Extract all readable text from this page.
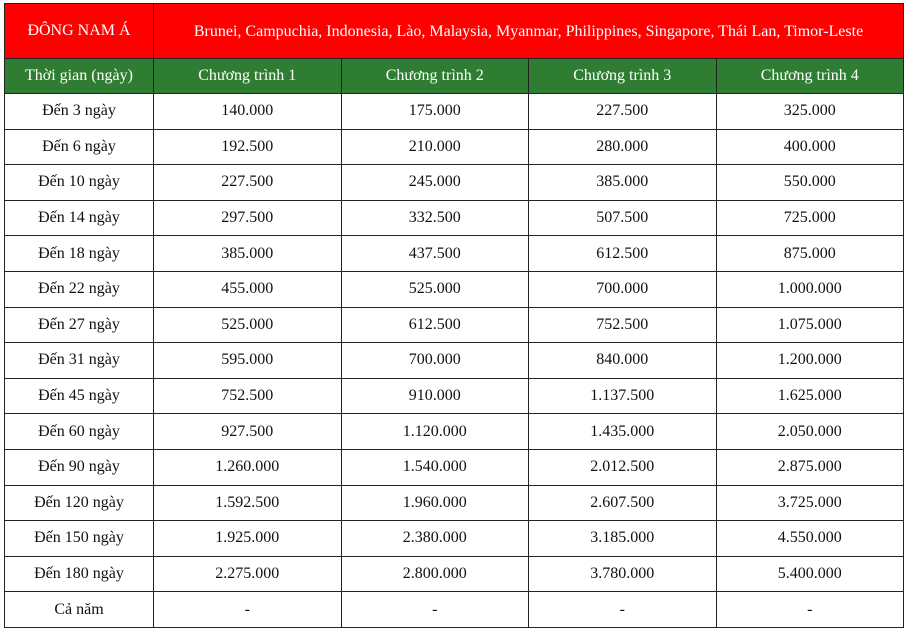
ĐÔNG NAM Á	Brunei, Campuchia, Indonesia, Lào, Malaysia, Myanmar, Philippines, Singapore, Thái Lan, Timor-Leste			
Thời gian (ngày)	Chương trình 1	Chương trình 2	Chương trình 3	Chương trình 4
Đến 3 ngày	140.000	175.000	227.500	325.000
Đến 6 ngày	192.500	210.000	280.000	400.000
Đến 10 ngày	227.500	245.000	385.000	550.000
Đến 14 ngày	297.500	332.500	507.500	725.000
Đến 18 ngày	385.000	437.500	612.500	875.000
Đến 22 ngày	455.000	525.000	700.000	1.000.000
Đến 27 ngày	525.000	612.500	752.500	1.075.000
Đến 31 ngày	595.000	700.000	840.000	1.200.000
Đến 45 ngày	752.500	910.000	1.137.500	1.625.000
Đến 60 ngày	927.500	1.120.000	1.435.000	2.050.000
Đến 90 ngày	1.260.000	1.540.000	2.012.500	2.875.000
Đến 120 ngày	1.592.500	1.960.000	2.607.500	3.725.000
Đến 150 ngày	1.925.000	2.380.000	3.185.000	4.550.000
Đến 180 ngày	2.275.000	2.800.000	3.780.000	5.400.000
Cả năm	-	-	-	-
